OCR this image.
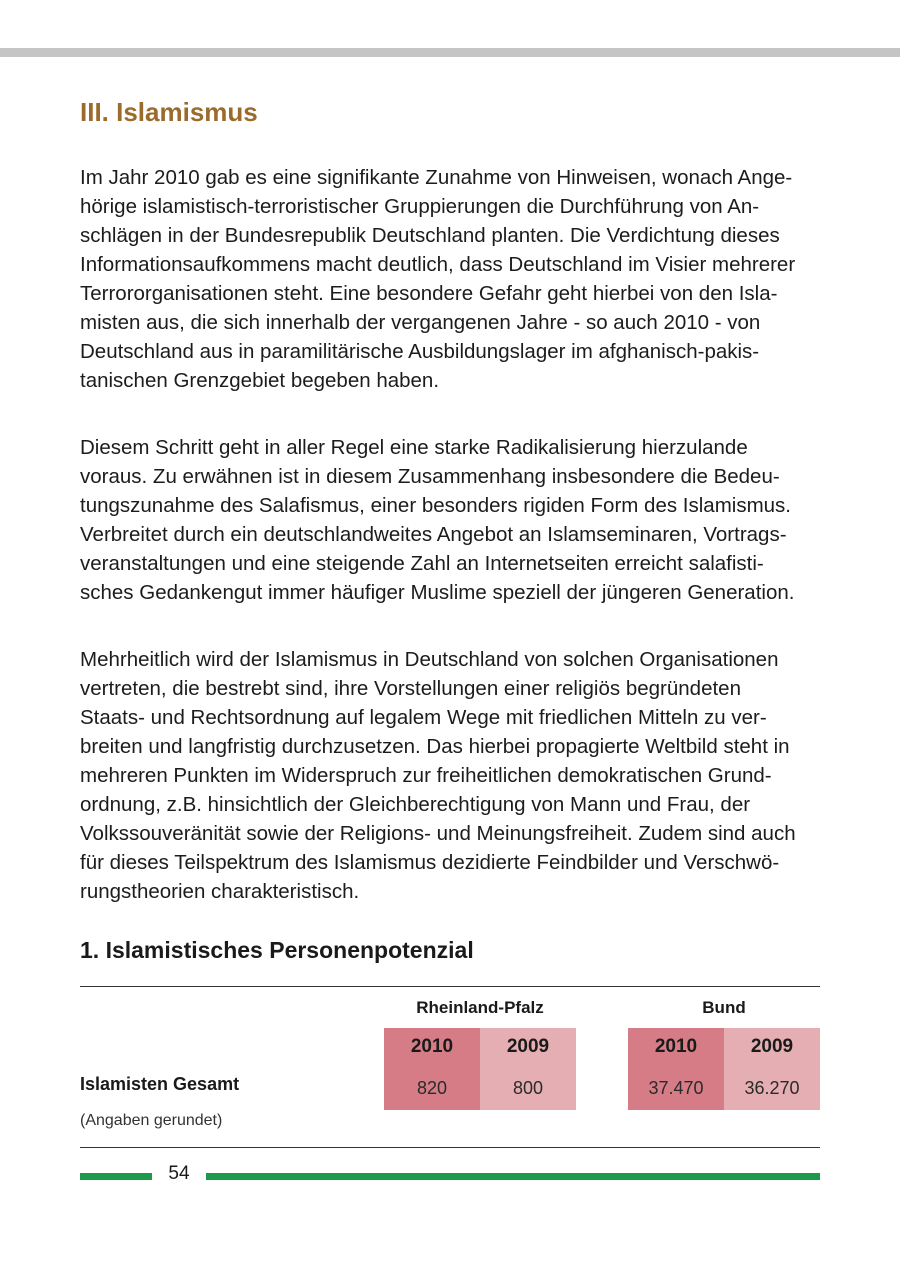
III. Islamismus

Im Jahr 2010 gab es eine signifikante Zunahme von Hinweisen, wonach Ange-
hörige islamistisch-terroristischer Gruppierungen die Durchführung von An-
schlägen in der Bundesrepublik Deutschland planten. Die Verdichtung dieses
Informationsaufkommens macht deutlich, dass Deutschland im Visier mehrerer
Terrororganisationen steht. Eine besondere Gefahr geht hierbei von den Isla-
misten aus, die sich innerhalb der vergangenen Jahre - so auch 2010 - von
Deutschland aus in paramilitärische Ausbildungslager im afghanisch-pakis-
tanischen Grenzgebiet begeben haben.

Diesem Schritt geht in aller Regel eine starke Radikalisierung hierzulande
voraus. Zu erwähnen ist in diesem Zusammenhang insbesondere die Bedeu-
tungszunahme des Salafismus, einer besonders rigiden Form des Islamismus.
Verbreitet durch ein deutschlandweites Angebot an Islamseminaren, Vortrags-
veranstaltungen und eine steigende Zahl an Internetseiten erreicht salafisti-
sches Gedankengut immer häufiger Muslime speziell der jüngeren Generation.

Mehrheitlich wird der Islamismus in Deutschland von solchen Organisationen
vertreten, die bestrebt sind, ihre Vorstellungen einer religiös begründeten
Staats- und Rechtsordnung auf legalem Wege mit friedlichen Mitteln zu ver-
breiten und langfristig durchzusetzen. Das hierbei propagierte Weltbild steht in
mehreren Punkten im Widerspruch zur freiheitlichen demokratischen Grund-
ordnung, z.B. hinsichtlich der Gleichberechtigung von Mann und Frau, der
Volkssouveränität sowie der Religions- und Meinungsfreiheit. Zudem sind auch
für dieses Teilspektrum des Islamismus dezidierte Feindbilder und Verschwö-
rungstheorien charakteristisch.

1. Islamistisches Personenpotenzial
Rheinland-Pfalz	Bund
2010	2009	2010	2009
Islamisten Gesamt	820	800	37.470	36.270
(Angaben gerundet)
54
